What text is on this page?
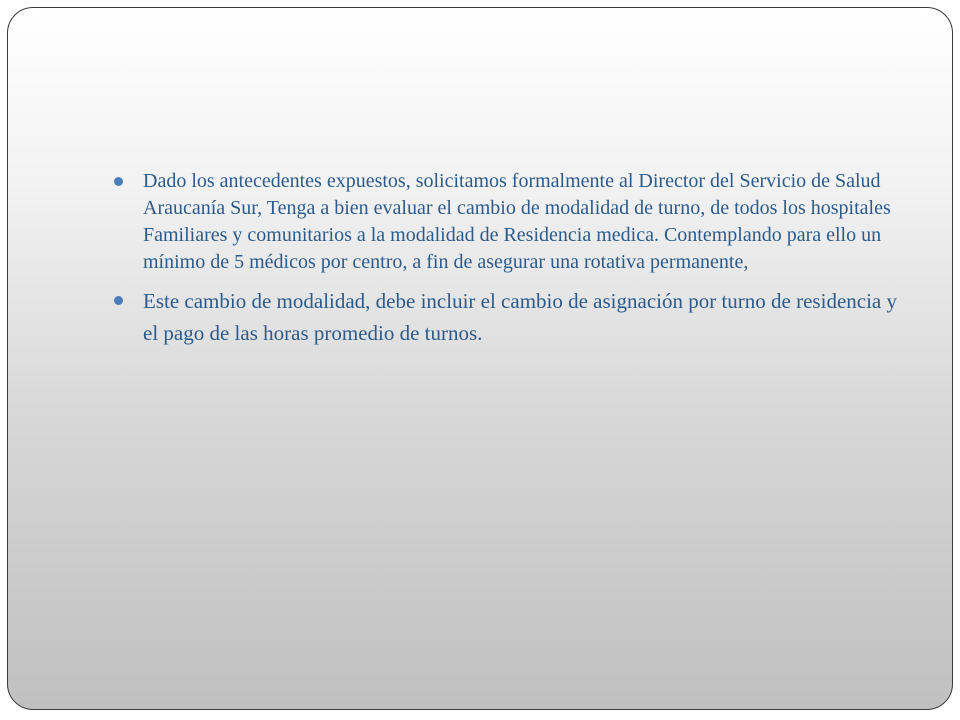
Dado los antecedentes expuestos, solicitamos formalmente al Director del Servicio de Salud Araucanía Sur, Tenga a bien evaluar el cambio de modalidad de turno, de todos los hospitales Familiares y comunitarios a la modalidad de Residencia medica. Contemplando para ello un mínimo de 5 médicos por centro, a fin de asegurar una rotativa permanente,
Este cambio de modalidad, debe incluir el cambio de asignación por turno de residencia y el pago de las horas promedio de turnos.
